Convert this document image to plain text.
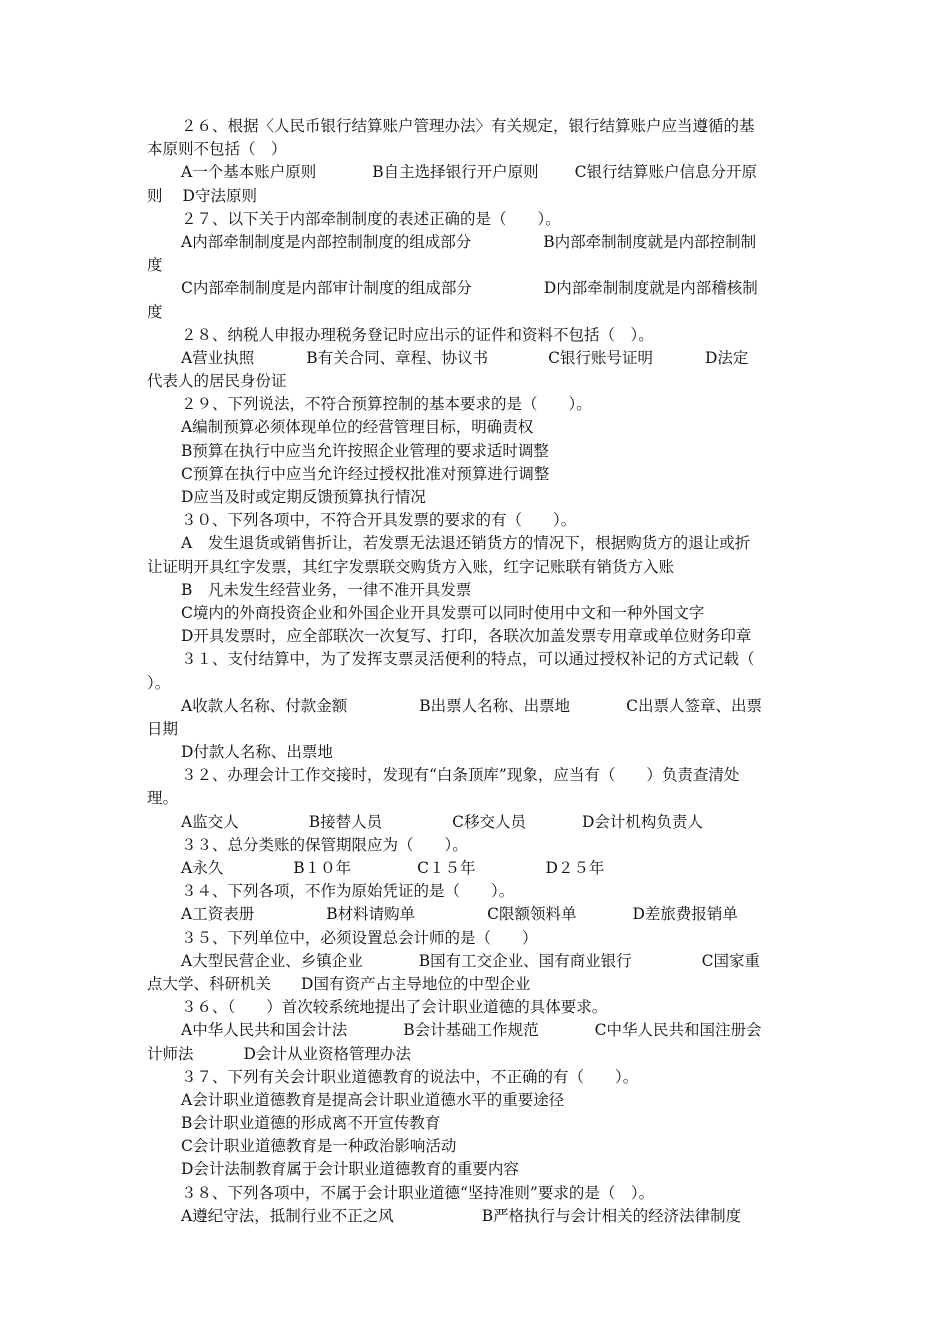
２６、根据〈人民币银行结算账户管理办法〉有关规定，银行结算账户应当遵循的基
本原则不包括（　）
A一个基本账户原则	B自主选择银行开户原则 C银行结算账户信息分开原
则 D守法原则
２７、以下关于内部牵制制度的表述正确的是（　　）。
A内部牵制制度是内部控制制度的组成部分	B内部牵制制度就是内部控制制
度
C内部牵制制度是内部审计制度的组成部分	D内部牵制制度就是内部稽核制
度
２８、纳税人申报办理税务登记时应出示的证件和资料不包括（　）。
A营业执照	B有关合同、章程、协议书	C银行账号证明	D法定
代表人的居民身份证
２９、下列说法，不符合预算控制的基本要求的是（　　）。
A编制预算必须体现单位的经营管理目标，明确责权
B预算在执行中应当允许按照企业管理的要求适时调整
C预算在执行中应当允许经过授权批准对预算进行调整
D应当及时或定期反馈预算执行情况
３０、下列各项中，不符合开具发票的要求的有（　　）。
A　发生退货或销售折让，若发票无法退还销货方的情况下，根据购货方的退让或折
让证明开具红字发票，其红字发票联交购货方入账，红字记账联有销货方入账
B　凡未发生经营业务，一律不准开具发票
C境内的外商投资企业和外国企业开具发票可以同时使用中文和一种外国文字
D开具发票时，应全部联次一次复写、打印，各联次加盖发票专用章或单位财务印章
３１、支付结算中，为了发挥支票灵活便利的特点，可以通过授权补记的方式记载（
）。
A收款人名称、付款金额	B出票人名称、出票地	C出票人签章、出票
日期
D付款人名称、出票地
３２、办理会计工作交接时，发现有“白条顶库”现象，应当有（　　）负责查清处
理。
A监交人	B接替人员	C移交人员	D会计机构负责人
３３、总分类账的保管期限应为（　　）。
A永久	B１０年	C１５年	D２５年
３４、下列各项，不作为原始凭证的是（　　）。
A工资表册	B材料请购单	C限额领料单	D差旅费报销单
３５、下列单位中，必须设置总会计师的是（　　）
A大型民营企业、乡镇企业	B国有工交企业、国有商业银行	C国家重
点大学、科研机关 D国有资产占主导地位的中型企业
３６、（　　）首次较系统地提出了会计职业道德的具体要求。
A中华人民共和国会计法	B会计基础工作规范	C中华人民共和国注册会
计师法	D会计从业资格管理办法
３７、下列有关会计职业道德教育的说法中，不正确的有（　　）。
A会计职业道德教育是提高会计职业道德水平的重要途径
B会计职业道德的形成离不开宣传教育
C会计职业道德教育是一种政治影响活动
D会计法制教育属于会计职业道德教育的重要内容
３８、下列各项中，不属于会计职业道德“坚持准则”要求的是（　）。
A遵纪守法，抵制行业不正之风	B严格执行与会计相关的经济法律制度
